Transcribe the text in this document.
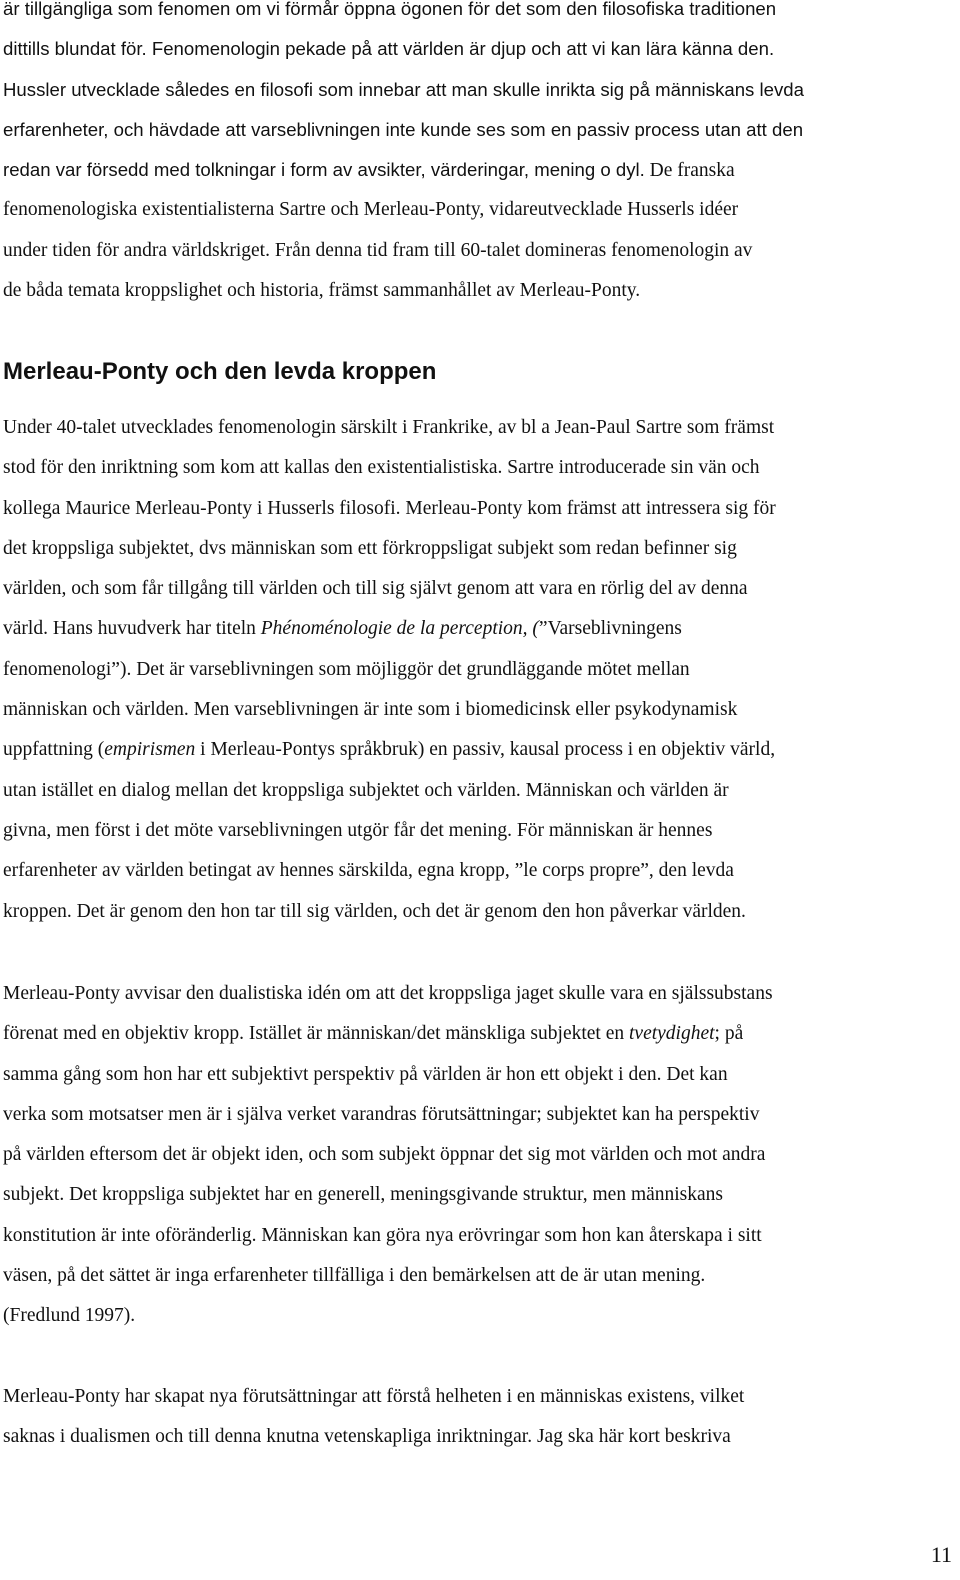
är tillgängliga som fenomen om vi förmår öppna ögonen för det som den filosofiska traditionen
dittills blundat för. Fenomenologin pekade på att världen är djup och att vi kan lära känna den.
Hussler utvecklade således en filosofi som innebar att man skulle inrikta sig på människans levda
erfarenheter, och hävdade att varseblivningen inte kunde ses som en passiv process utan att den
redan var försedd med tolkningar i form av avsikter, värderingar, mening o dyl. De franska
fenomenologiska existentialisterna Sartre och Merleau-Ponty, vidareutvecklade Husserls idéer
under tiden för andra världskriget. Från denna tid fram till 60-talet domineras fenomenologin av
de båda temata kroppslighet och historia, främst sammanhållet av Merleau-Ponty.

Merleau-Ponty och den levda kroppen

Under 40-talet utvecklades fenomenologin särskilt i Frankrike, av bl a Jean-Paul Sartre som främst
stod för den inriktning som kom att kallas den existentialistiska. Sartre introducerade sin vän och
kollega Maurice Merleau-Ponty i Husserls filosofi. Merleau-Ponty kom främst att intressera sig för
det kroppsliga subjektet, dvs människan som ett förkroppsligat subjekt som redan befinner sig
världen, och som får tillgång till världen och till sig självt genom att vara en rörlig del av denna
värld. Hans huvudverk har titeln Phénoménologie de la perception, (”Varseblivningens
fenomenologi”). Det är varseblivningen som möjliggör det grundläggande mötet mellan
människan och världen. Men varseblivningen är inte som i biomedicinsk eller psykodynamisk
uppfattning (empirismen i Merleau-Pontys språkbruk) en passiv, kausal process i en objektiv värld,
utan istället en dialog mellan det kroppsliga subjektet och världen. Människan och världen är
givna, men först i det möte varseblivningen utgör får det mening. För människan är hennes
erfarenheter av världen betingat av hennes särskilda, egna kropp, ”le corps propre”, den levda
kroppen. Det är genom den hon tar till sig världen, och det är genom den hon påverkar världen.

Merleau-Ponty avvisar den dualistiska idén om att det kroppsliga jaget skulle vara en själssubstans
förenat med en objektiv kropp. Istället är människan/det mänskliga subjektet en tvetydighet; på
samma gång som hon har ett subjektivt perspektiv på världen är hon ett objekt i den. Det kan
verka som motsatser men är i själva verket varandras förutsättningar; subjektet kan ha perspektiv
på världen eftersom det är objekt iden, och som subjekt öppnar det sig mot världen och mot andra
subjekt. Det kroppsliga subjektet har en generell, meningsgivande struktur, men människans
konstitution är inte oföränderlig. Människan kan göra nya erövringar som hon kan återskapa i sitt
väsen, på det sättet är inga erfarenheter tillfälliga i den bemärkelsen att de är utan mening.
(Fredlund 1997).

Merleau-Ponty har skapat nya förutsättningar att förstå helheten i en människas existens, vilket
saknas i dualismen och till denna knutna vetenskapliga inriktningar. Jag ska här kort beskriva

11
